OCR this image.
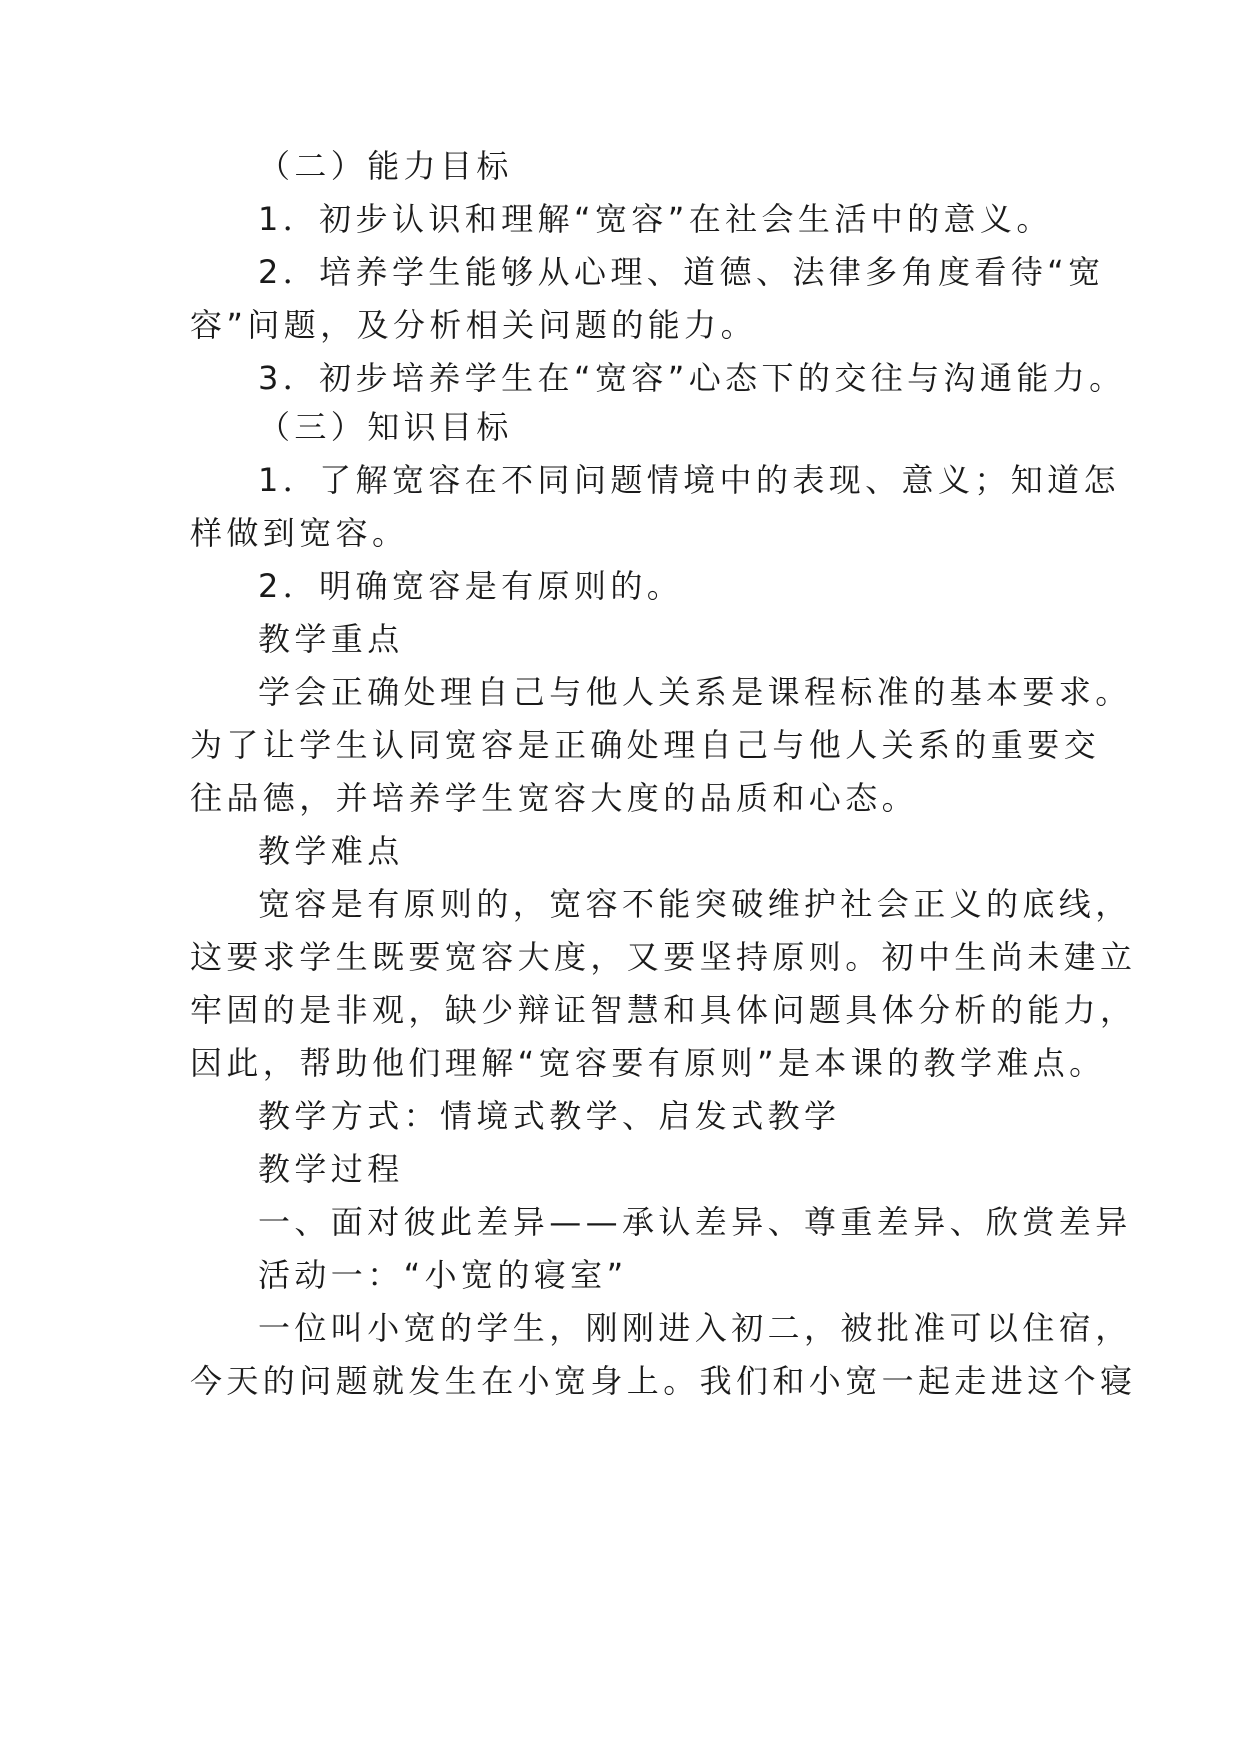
（二）能力目标
1．初步认识和理解“宽容”在社会生活中的意义。
2．培养学生能够从心理、道德、法律多角度看待“宽
容”问题，及分析相关问题的能力。
3．初步培养学生在“宽容”心态下的交往与沟通能力。
（三）知识目标
1．了解宽容在不同问题情境中的表现、意义；知道怎
样做到宽容。
2．明确宽容是有原则的。
教学重点
学会正确处理自己与他人关系是课程标准的基本要求。
为了让学生认同宽容是正确处理自己与他人关系的重要交
往品德，并培养学生宽容大度的品质和心态。
教学难点
宽容是有原则的，宽容不能突破维护社会正义的底线，
这要求学生既要宽容大度，又要坚持原则。初中生尚未建立
牢固的是非观，缺少辩证智慧和具体问题具体分析的能力，
因此，帮助他们理解“宽容要有原则”是本课的教学难点。
教学方式：情境式教学、启发式教学
教学过程
一、面对彼此差异——承认差异、尊重差异、欣赏差异
活动一：“小宽的寝室”
一位叫小宽的学生，刚刚进入初二，被批准可以住宿，
今天的问题就发生在小宽身上。我们和小宽一起走进这个寝
